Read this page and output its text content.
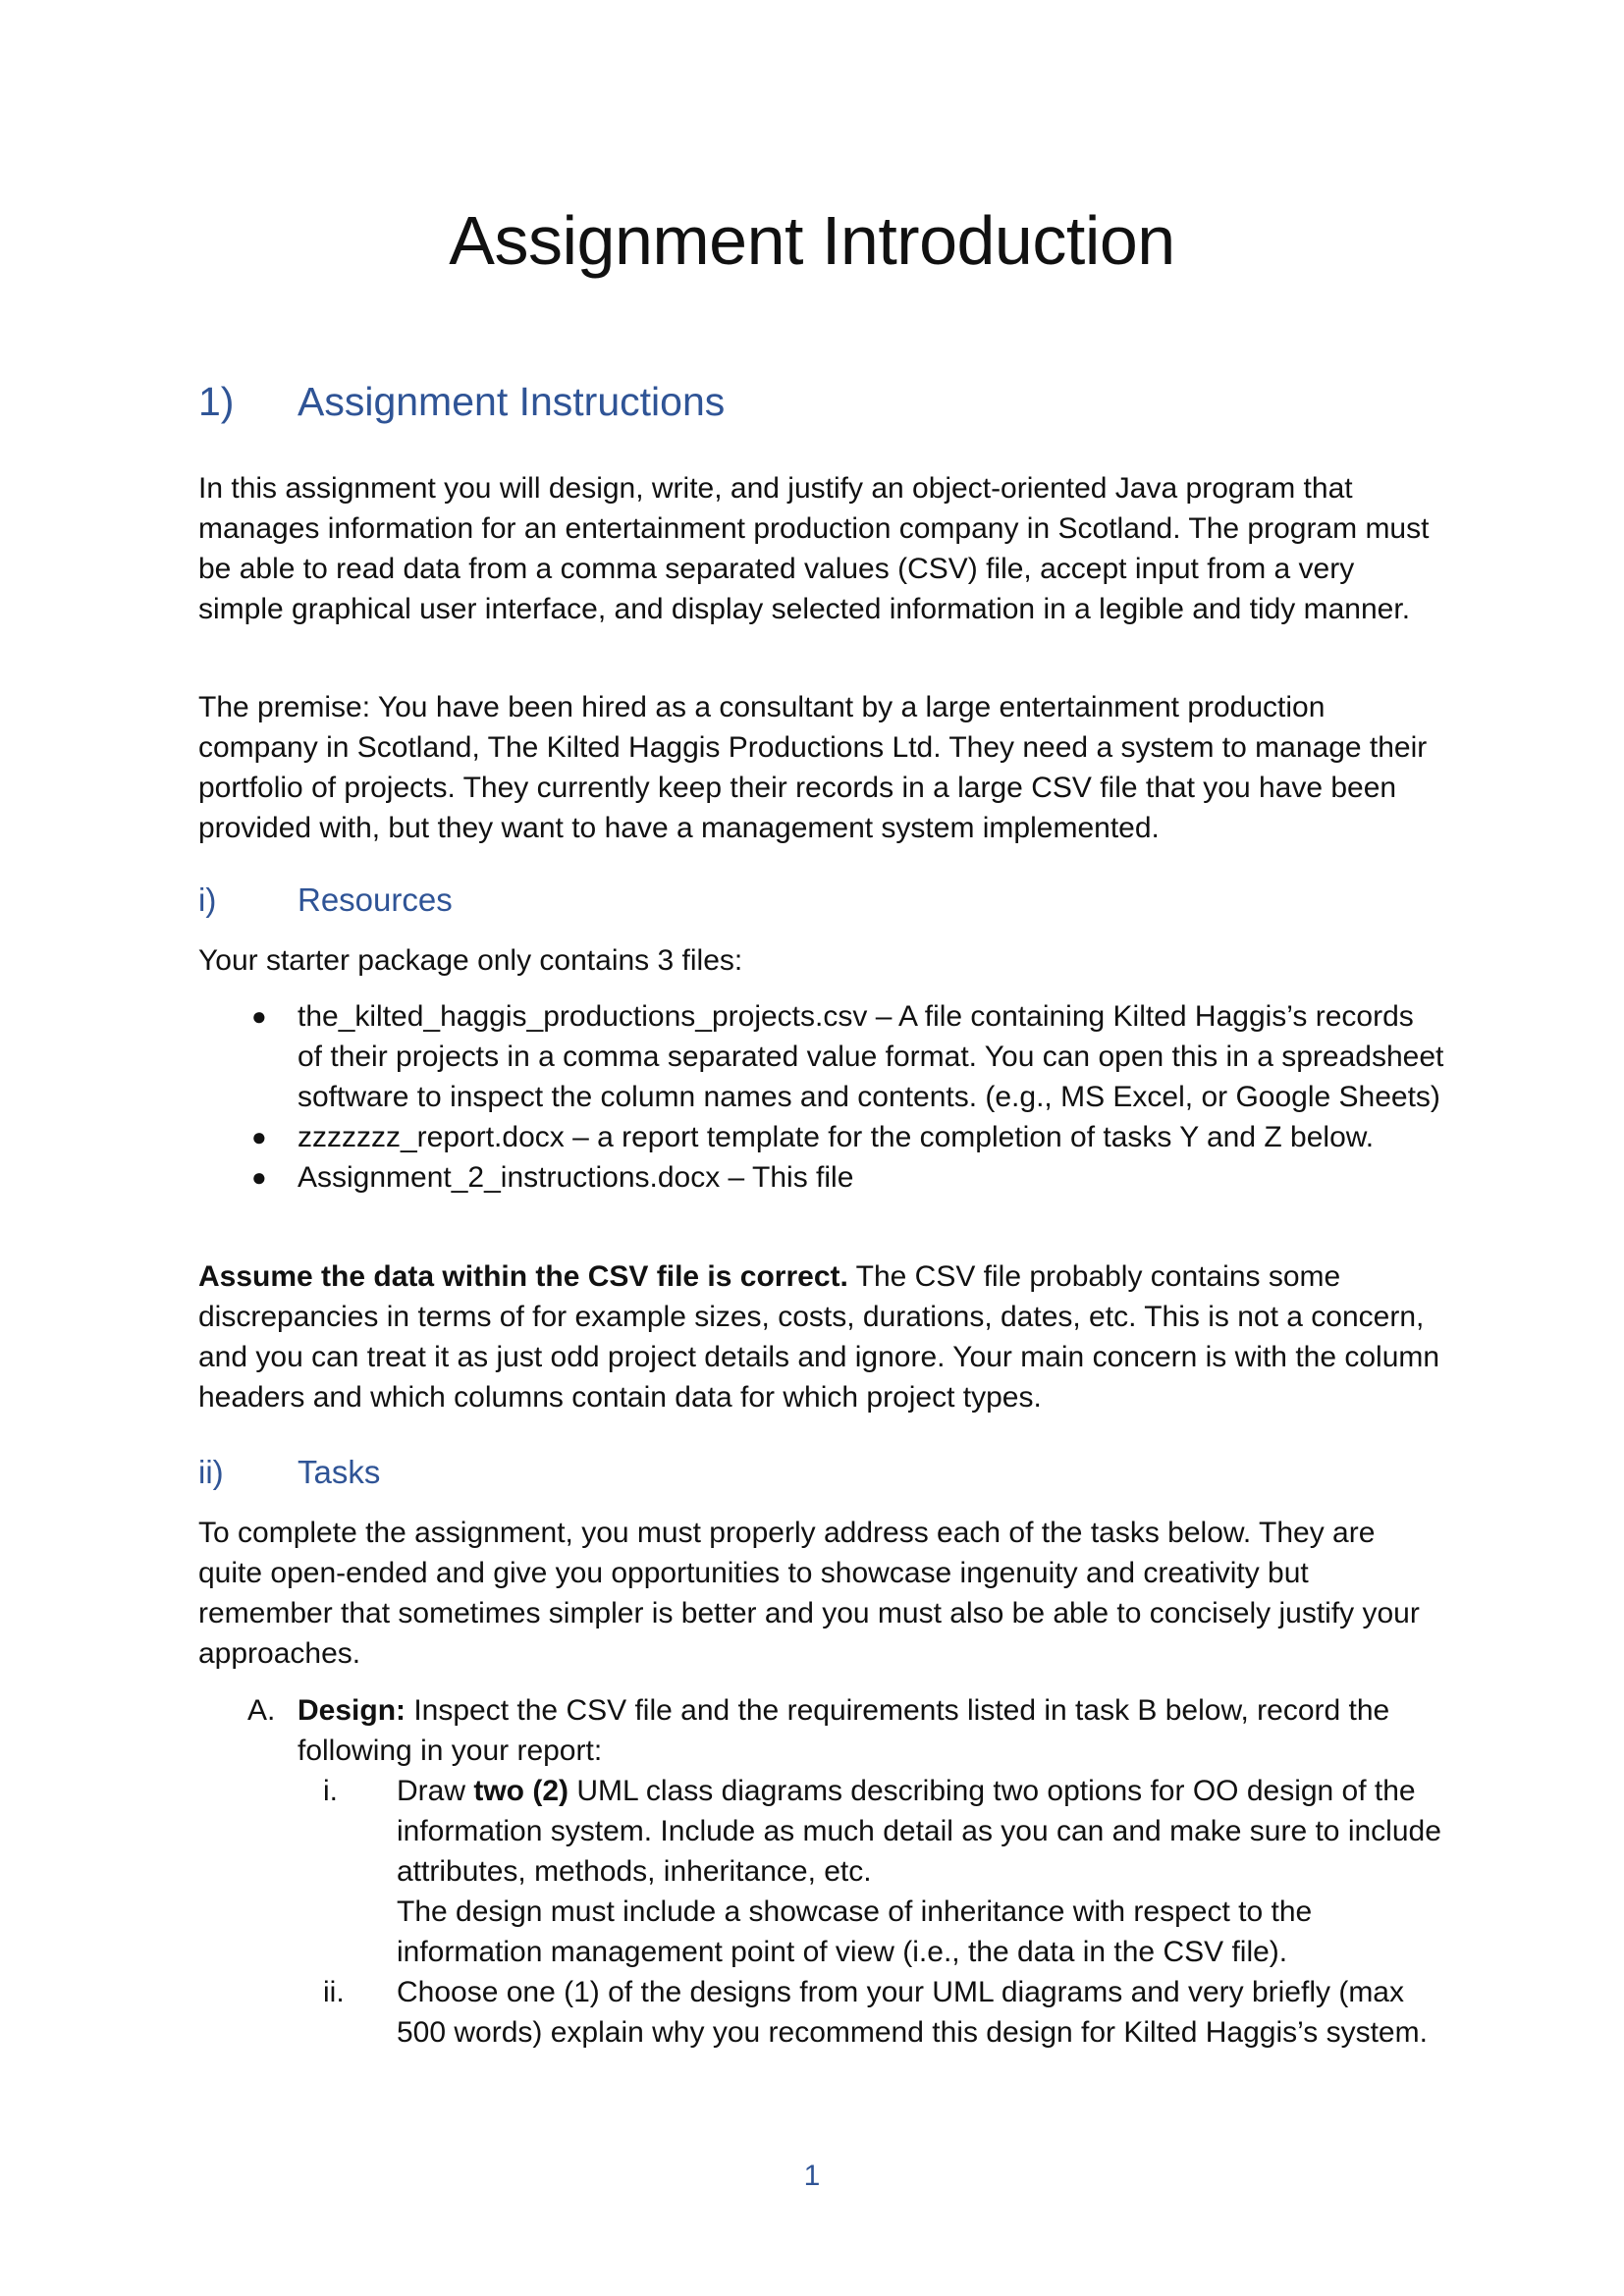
Assignment Introduction
1) Assignment Instructions

In this assignment you will design, write, and justify an object-oriented Java program that manages information for an entertainment production company in Scotland. The program must be able to read data from a comma separated values (CSV) file, accept input from a very simple graphical user interface, and display selected information in a legible and tidy manner.

The premise: You have been hired as a consultant by a large entertainment production company in Scotland, The Kilted Haggis Productions Ltd. They need a system to manage their portfolio of projects. They currently keep their records in a large CSV file that you have been provided with, but they want to have a management system implemented.

i)	Resources

Your starter package only contains 3 files:

● the_kilted_haggis_productions_projects.csv – A file containing Kilted Haggis’s records of their projects in a comma separated value format. You can open this in a spreadsheet software to inspect the column names and contents. (e.g., MS Excel, or Google Sheets)
● zzzzzzz_report.docx – a report template for the completion of tasks Y and Z below.
● Assignment_2_instructions.docx – This file

Assume the data within the CSV file is correct. The CSV file probably contains some discrepancies in terms of for example sizes, costs, durations, dates, etc. This is not a concern, and you can treat it as just odd project details and ignore. Your main concern is with the column headers and which columns contain data for which project types.

ii) Tasks

To complete the assignment, you must properly address each of the tasks below. They are quite open-ended and give you opportunities to showcase ingenuity and creativity but remember that sometimes simpler is better and you must also be able to concisely justify your approaches.

A. Design: Inspect the CSV file and the requirements listed in task B below, record the following in your report:
i. Draw two (2) UML class diagrams describing two options for OO design of the information system. Include as much detail as you can and make sure to include attributes, methods, inheritance, etc.
The design must include a showcase of inheritance with respect to the information management point of view (i.e., the data in the CSV file).
ii. Choose one (1) of the designs from your UML diagrams and very briefly (max 500 words) explain why you recommend this design for Kilted Haggis’s system.
1
